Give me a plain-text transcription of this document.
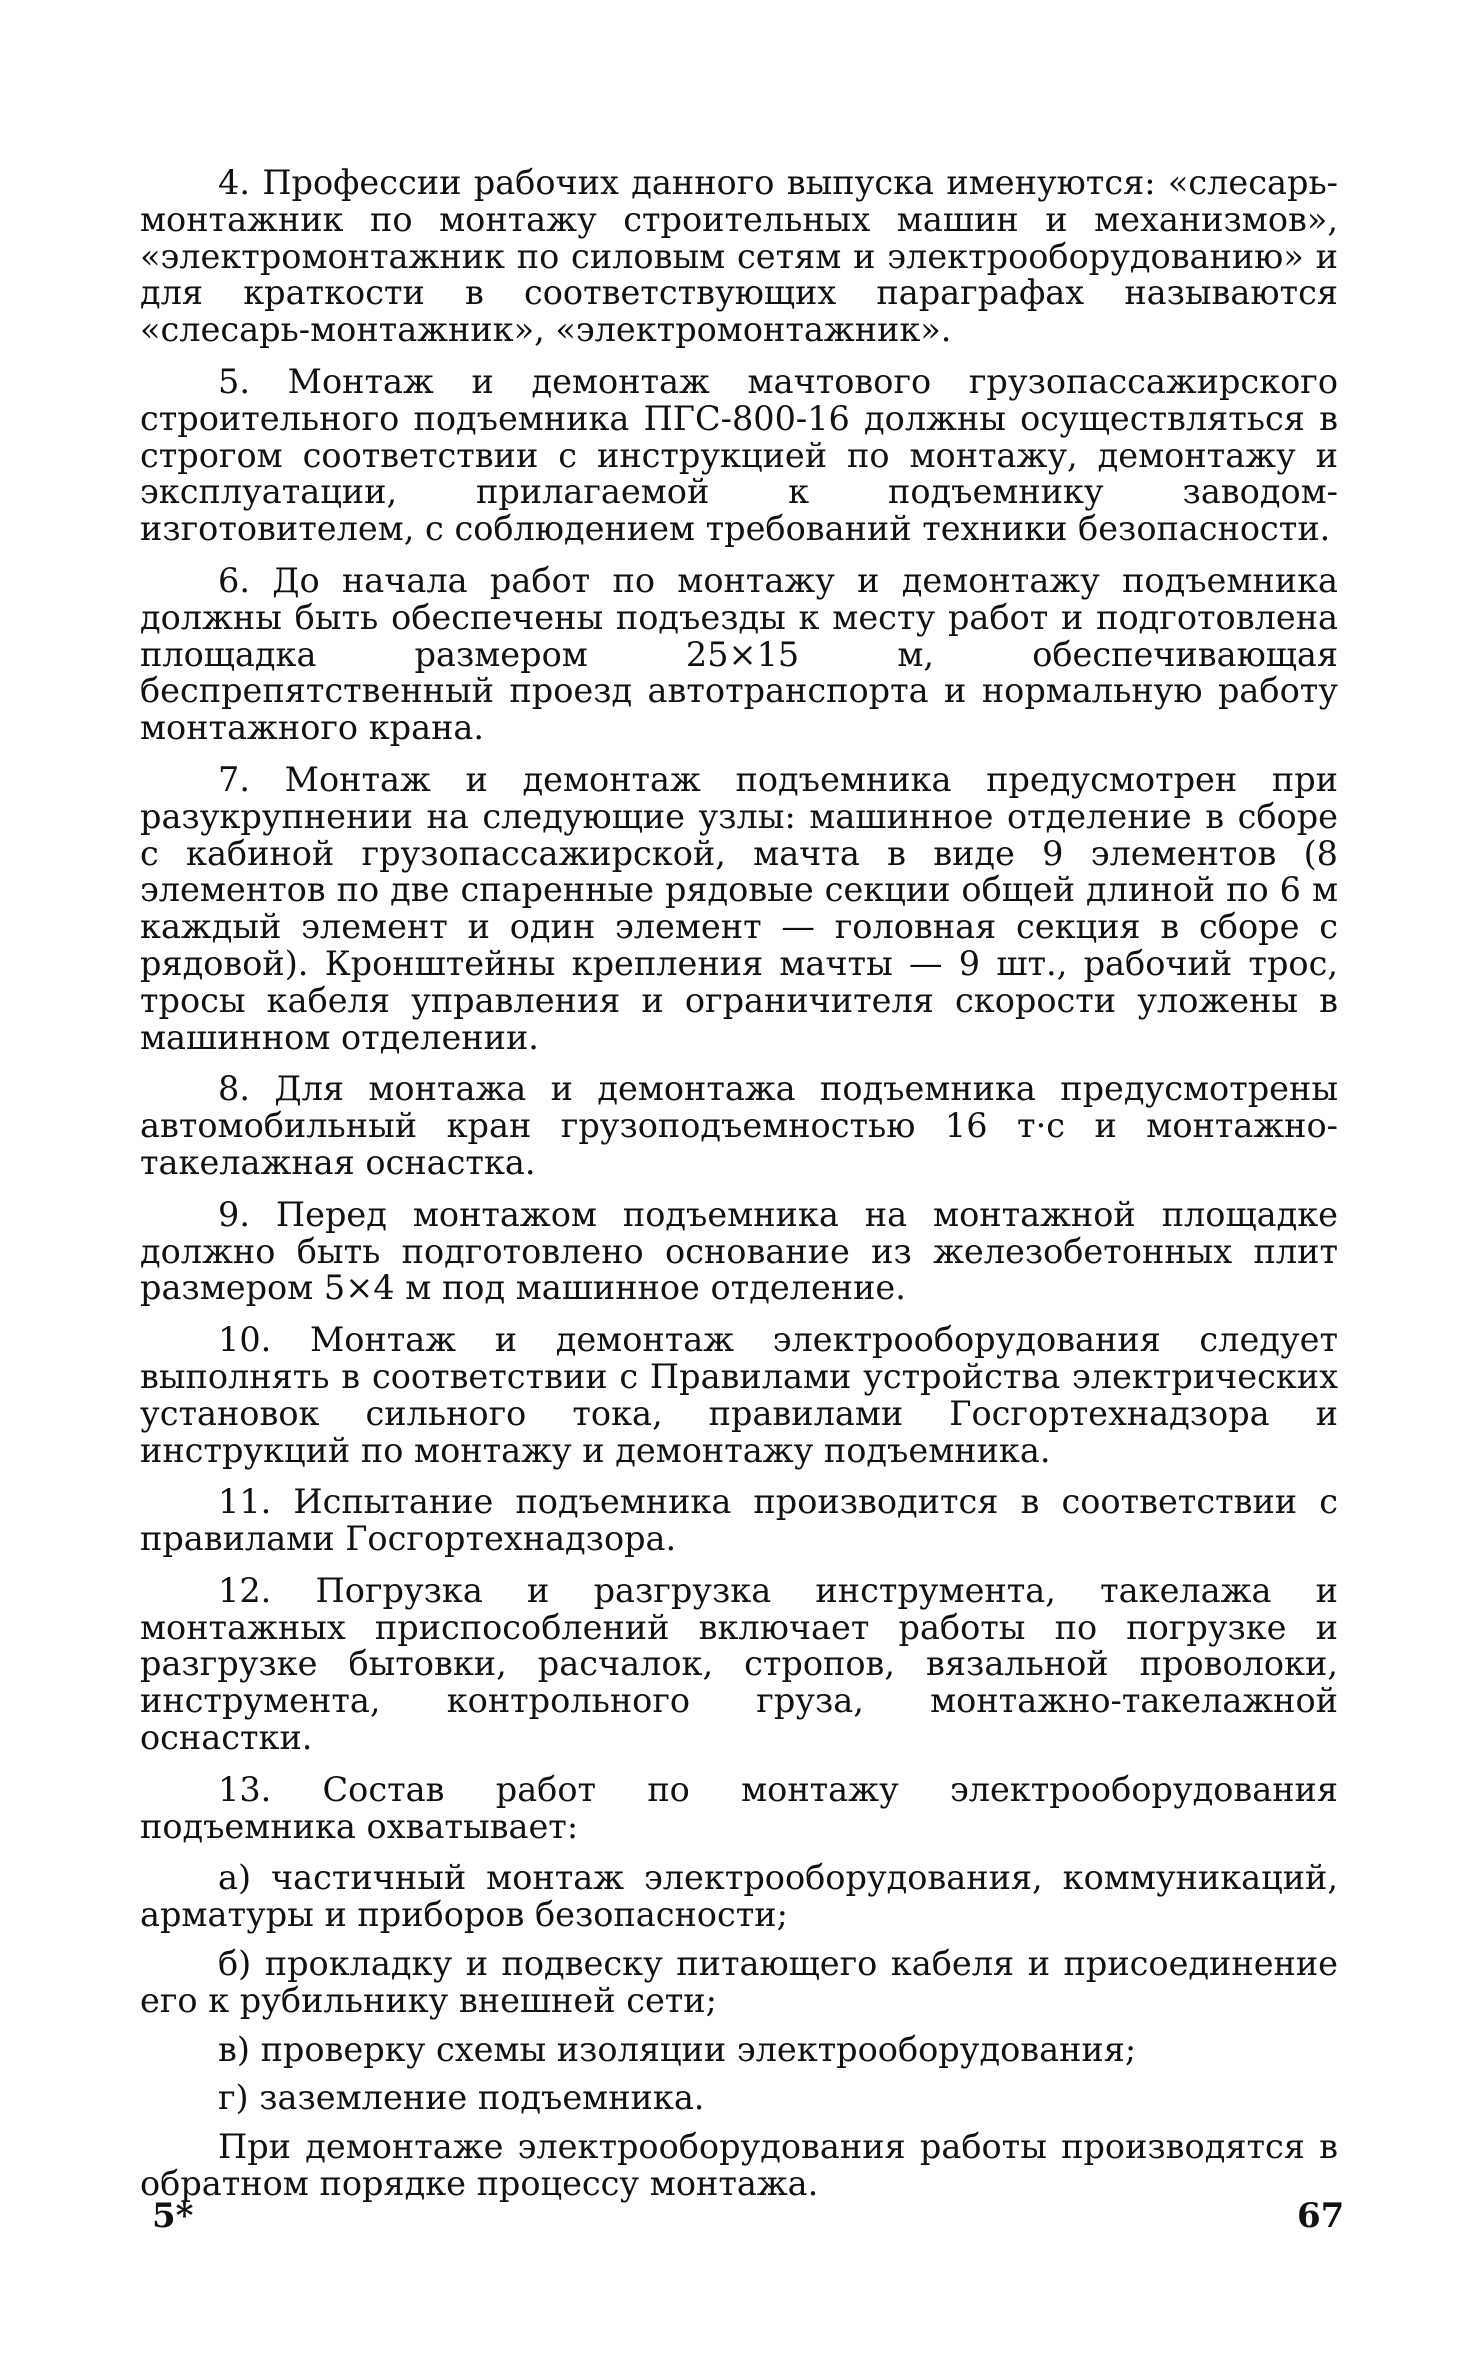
4. Профессии рабочих данного выпуска именуются: «слесарь-монтажник по монтажу строительных машин и механизмов», «электромонтажник по силовым сетям и электрооборудованию» и для краткости в соответствующих параграфах называются «слесарь-монтажник», «электромонтажник».

5. Монтаж и демонтаж мачтового грузопассажирского строительного подъемника ПГС-800-16 должны осуществляться в строгом соответствии с инструкцией по монтажу, демонтажу и эксплуатации, прилагаемой к подъемнику заводом-изготовителем, с соблюдением требований техники безопасности.

6. До начала работ по монтажу и демонтажу подъемника должны быть обеспечены подъезды к месту работ и подготовлена площадка размером 25×15 м, обеспечивающая беспрепятственный проезд автотранспорта и нормальную работу монтажного крана.

7. Монтаж и демонтаж подъемника предусмотрен при разукрупнении на следующие узлы: машинное отделение в сборе с кабиной грузопассажирской, мачта в виде 9 элементов (8 элементов по две спаренные рядовые секции общей длиной по 6 м каждый элемент и один элемент — головная секция в сборе с рядовой). Кронштейны крепления мачты — 9 шт., рабочий трос, тросы кабеля управления и ограничителя скорости уложены в машинном отделении.

8. Для монтажа и демонтажа подъемника предусмотрены автомобильный кран грузоподъемностью 16 т·с и монтажно-такелажная оснастка.

9. Перед монтажом подъемника на монтажной площадке должно быть подготовлено основание из железобетонных плит размером 5×4 м под машинное отделение.

10. Монтаж и демонтаж электрооборудования следует выполнять в соответствии с Правилами устройства электрических установок сильного тока, правилами Госгортехнадзора и инструкций по монтажу и демонтажу подъемника.

11. Испытание подъемника производится в соответствии с правилами Госгортехнадзора.

12. Погрузка и разгрузка инструмента, такелажа и монтажных приспособлений включает работы по погрузке и разгрузке бытовки, расчалок, стропов, вязальной проволоки, инструмента, контрольного груза, монтажно-такелажной оснастки.

13. Состав работ по монтажу электрооборудования подъемника охватывает:

а) частичный монтаж электрооборудования, коммуникаций, арматуры и приборов безопасности;

б) прокладку и подвеску питающего кабеля и присоединение его к рубильнику внешней сети;

в) проверку схемы изоляции электрооборудования;

г) заземление подъемника.

При демонтаже электрооборудования работы производятся в обратном порядке процессу монтажа.

5*	67
